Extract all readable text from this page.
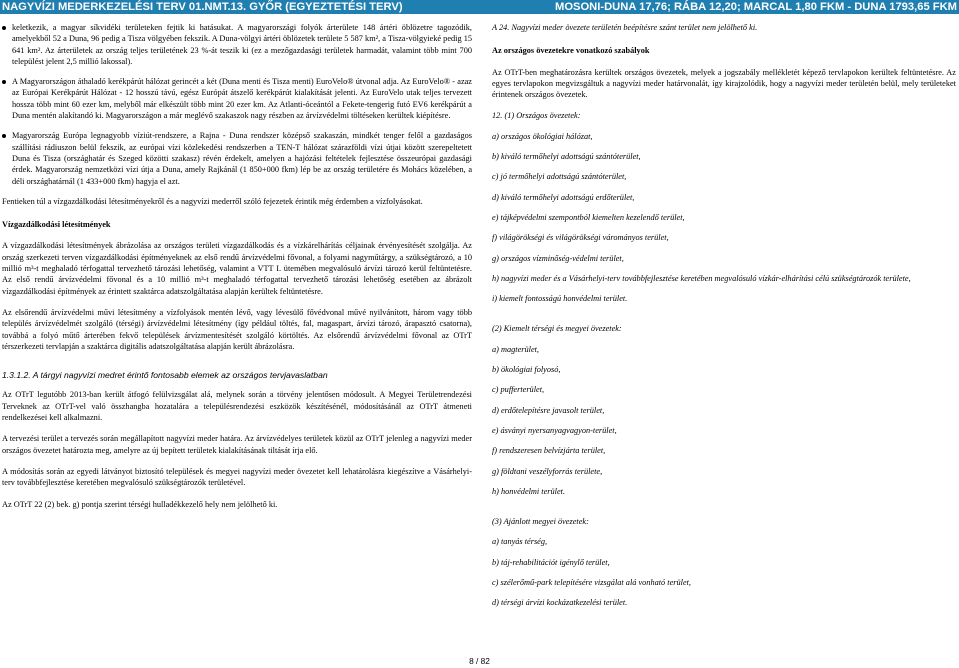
NAGYVÍZI MEDERKEZELÉSI TERV 01.NMT.13. GYŐR (EGYEZTETÉSI TERV)	MOSONI-DUNA 17,76; RÁBA 12,20; MARCAL 1,80 FKM - DUNA 1793,65 FKM
keletkezik, a magyar síkvidéki területeken fejtik ki hatásukat. A magyarországi folyók árterülete 148 ártéri öblözetre tagozódik, amelyekből 52 a Duna, 96 pedig a Tisza völgyében fekszik. A Duna-völgyi ártéri öblözetek területe 5 587 km², a Tisza-völgyieké pedig 15 641 km². Az árterületek az ország teljes területének 23 %-át teszik ki (ez a mezőgazdasági területek harmadát, valamint több mint 700 települést jelent 2,5 millió lakossal).
A Magyarországon áthaladó kerékpárút hálózat gerincét a két (Duna menti és Tisza menti) EuroVelo® útvonal adja. Az EuroVelo® - azaz az Európai Kerékpárút Hálózat - 12 hosszú távú, egész Európát átszelő kerékpárút kialakítását jelenti. Az EuroVelo utak teljes tervezett hossza több mint 60 ezer km, melyből már elkészült több mint 20 ezer km. Az Atlanti-óceántól a Fekete-tengerig futó EV6 kerékpárút a Duna mentén alakítandó ki. Magyarországon a már meglévő szakaszok nagy részben az árvízvédelmi töltéseken kerültek kiépítésre.
Magyarország Európa legnagyobb víziút-rendszere, a Rajna - Duna rendszer középső szakaszán, mindkét tenger felől a gazdaságos szállítási rádiuszon belül fekszik, az európai vízi közlekedési rendszerben a TEN-T hálózat szárazföldi vízi útjai között szerepeltetett Duna és Tisza (országhatár és Szeged közötti szakasz) révén érdekelt, amelyen a hajózási feltételek fejlesztése összeurópai gazdasági érdek. Magyarország nemzetközi vízi útja a Duna, amely Rajkánál (1 850+000 fkm) lép be az ország területére és Mohács közelében, a déli országhatárnál (1 433+000 fkm) hagyja el azt.

Fentieken túl a vízgazdálkodási létesítményekről és a nagyvízi mederről szóló fejezetek érintik még érdemben a vízfolyásokat.

Vízgazdálkodási létesítmények

A vízgazdálkodási létesítmények ábrázolása az országos területi vízgazdálkodás és a vízkárelhárítás céljainak érvényesítését szolgálja. Az ország szerkezeti terven vízgazdálkodási építményeknek az első rendű árvízvédelmi fővonal, a folyami nagyműtárgy, a szükségtározó, a 10 millió m³-t meghaladó térfogattal tervezhető tározási lehetőség, valamint a VTT I. ütemében megvalósuló árvízi tározó kerül feltüntetésre. Az első rendű árvízvédelmi fővonal és a 10 millió m³-t meghaladó térfogattal tervezhető tározási lehetőség esetében az ábrázolt vízgazdálkodási építmények az érintett szaktárca adatszolgáltatása alapján kerültek feltüntetésre.

Az elsőrendű árvízvédelmi művi létesítmény a vízfolyások mentén lévő, vagy lévesülő fővédvonal művé nyilvánított, három vagy több település árvízvédelmét szolgáló (térségi) árvízvédelmi létesítmény (így például töltés, fal, magaspart, árvízi tározó, árapasztó csatorna), továbbá a folyó műtő árterében fekvő települések árvízmentesítését szolgáló körtöltés. Az elsőrendű árvízvédelmi fővonal az OTrT térszerkezeti tervlapján a szaktárca digitális adatszolgáltatása alapján került ábrázolásra.

1.3.1.2. A tárgyi nagyvízi medret érintő fontosabb elemek az országos tervjavaslatban

Az OTrT legutóbb 2013-ban került átfogó felülvizsgálat alá, melynek során a törvény jelentősen módosult. A Megyei Területrendezési Terveknek az OTrT-vel való összhangba hozatalára a településrendezési eszközök készítésénél, módosításánál az OTrT átmeneti rendelkezései kell alkalmazni.

A tervezési terület a tervezés során megállapított nagyvízi meder határa. Az árvízvédelyes területek közül az OTrT jelenleg a nagyvízi meder országos övezetet határozta meg, amelyre az új bepített területek kialakításának tiltását írja elő.

A módosítás során az egyedi látványot biztosító települések és megyei nagyvízi meder övezetet kell lehatárolásra kiegészítve a Vásárhelyi-terv továbbfejlesztése keretében megvalósuló szükségtározók területével.

Az OTrT 22 (2) bek. g) pontja szerint térségi hulladékkezelő hely nem jelölhető ki.

A 24. Nagyvízi meder övezete területén beépítésre szánt terület nem jelölhető ki.

Az országos övezetekre vonatkozó szabályok

Az OTrT-ben meghatározásra kerültek országos övezetek, melyek a jogszabály mellékletét képező tervlapokon kerültek feltüntetésre. Az egyes tervlapokon megvizsgáltuk a nagyvízi meder határvonalát, így kirajzolódik, hogy a nagyvízi meder területén belül, mely területeket érintenek országos övezetek.

12. (1) Országos övezetek:
a) országos ökológiai hálózat,
b) kiváló termőhelyi adottságú szántóterület,
c) jó termőhelyi adottságú szántóterület,
d) kiváló termőhelyi adottságú erdőterület,
e) tájképvédelmi szempontból kiemelten kezelendő terület,
f) világörökségi és világörökségi várományos terület,
g) országos vízminőség-védelmi terület,
h) nagyvízi meder és a Vásárhelyi-terv továbbfejlesztése keretében megvalósuló vízkár-elhárítási célú szükségtározók területe,
i) kiemelt fontosságú honvédelmi terület.
(2) Kiemelt térségi és megyei övezetek:
a) magterület,
b) ökológiai folyosó,
c) pufferterület,
d) erdőtelepítésre javasolt terület,
e) ásványi nyersanyagvagyon-terület,
f) rendszeresen belvízjárta terület,
g) földtani veszélyforrás területe,
h) honvédelmi terület.
(3) Ajánlott megyei övezetek:
a) tanyás térség,
b) táj-rehabilitációt igénylő terület,
c) szélerőmű-park telepítésére vizsgálat alá vonható terület,
d) térségi árvízi kockázatkezelési terület.
8 / 82
